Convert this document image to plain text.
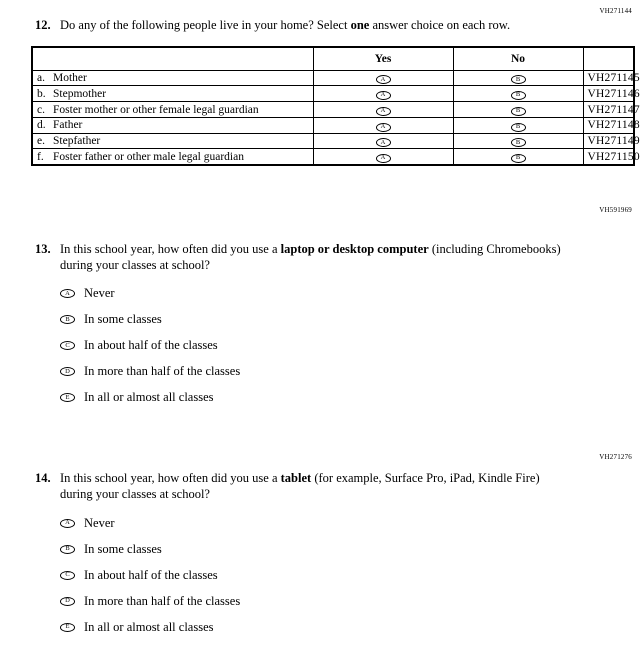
VH271144
12. Do any of the following people live in your home? Select one answer choice on each row.
	Yes	No	
a. Mother	A	B	VH271145
b. Stepmother	A	B	VH271146
c. Foster mother or other female legal guardian	A	B	VH271147
d. Father	A	B	VH271148
e. Stepfather	A	B	VH271149
f. Foster father or other male legal guardian	A	B	VH271150
VH591969
13. In this school year, how often did you use a laptop or desktop computer (including Chromebooks) during your classes at school?
A	Never
B	In some classes
C	In about half of the classes
D	In more than half of the classes
E	In all or almost all classes
VH271276
14. In this school year, how often did you use a tablet (for example, Surface Pro, iPad, Kindle Fire) during your classes at school?
A	Never
B	In some classes
C	In about half of the classes
D	In more than half of the classes
E	In all or almost all classes
